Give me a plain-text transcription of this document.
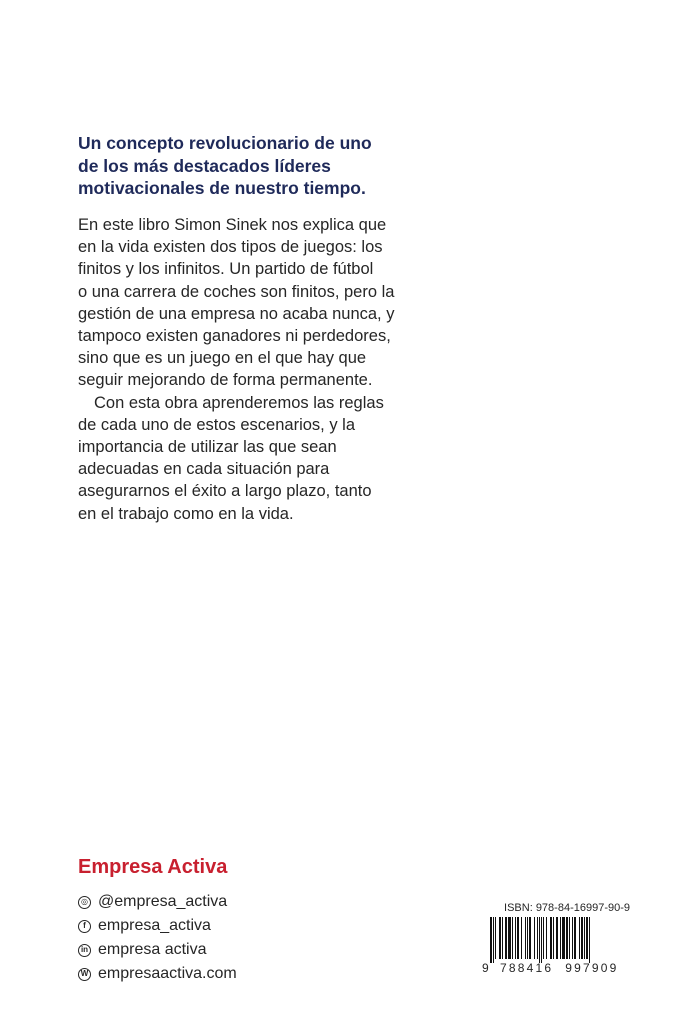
Un concepto revolucionario de uno
de los más destacados líderes
motivacionales de nuestro tiempo.
En este libro Simon Sinek nos explica que
en la vida existen dos tipos de juegos: los
finitos y los infinitos. Un partido de fútbol
o una carrera de coches son finitos, pero la
gestión de una empresa no acaba nunca, y
tampoco existen ganadores ni perdedores,
sino que es un juego en el que hay que
seguir mejorando de forma permanente.
Con esta obra aprenderemos las reglas
de cada uno de estos escenarios, y la
importancia de utilizar las que sean
adecuadas en cada situación para
asegurarnos el éxito a largo plazo, tanto
en el trabajo como en la vida.
Empresa Activa
◎ @empresa_activa
f empresa_activa
in empresa activa
W empresaactiva.com
ISBN: 978-84-16997-90-9
9 788416 997909
